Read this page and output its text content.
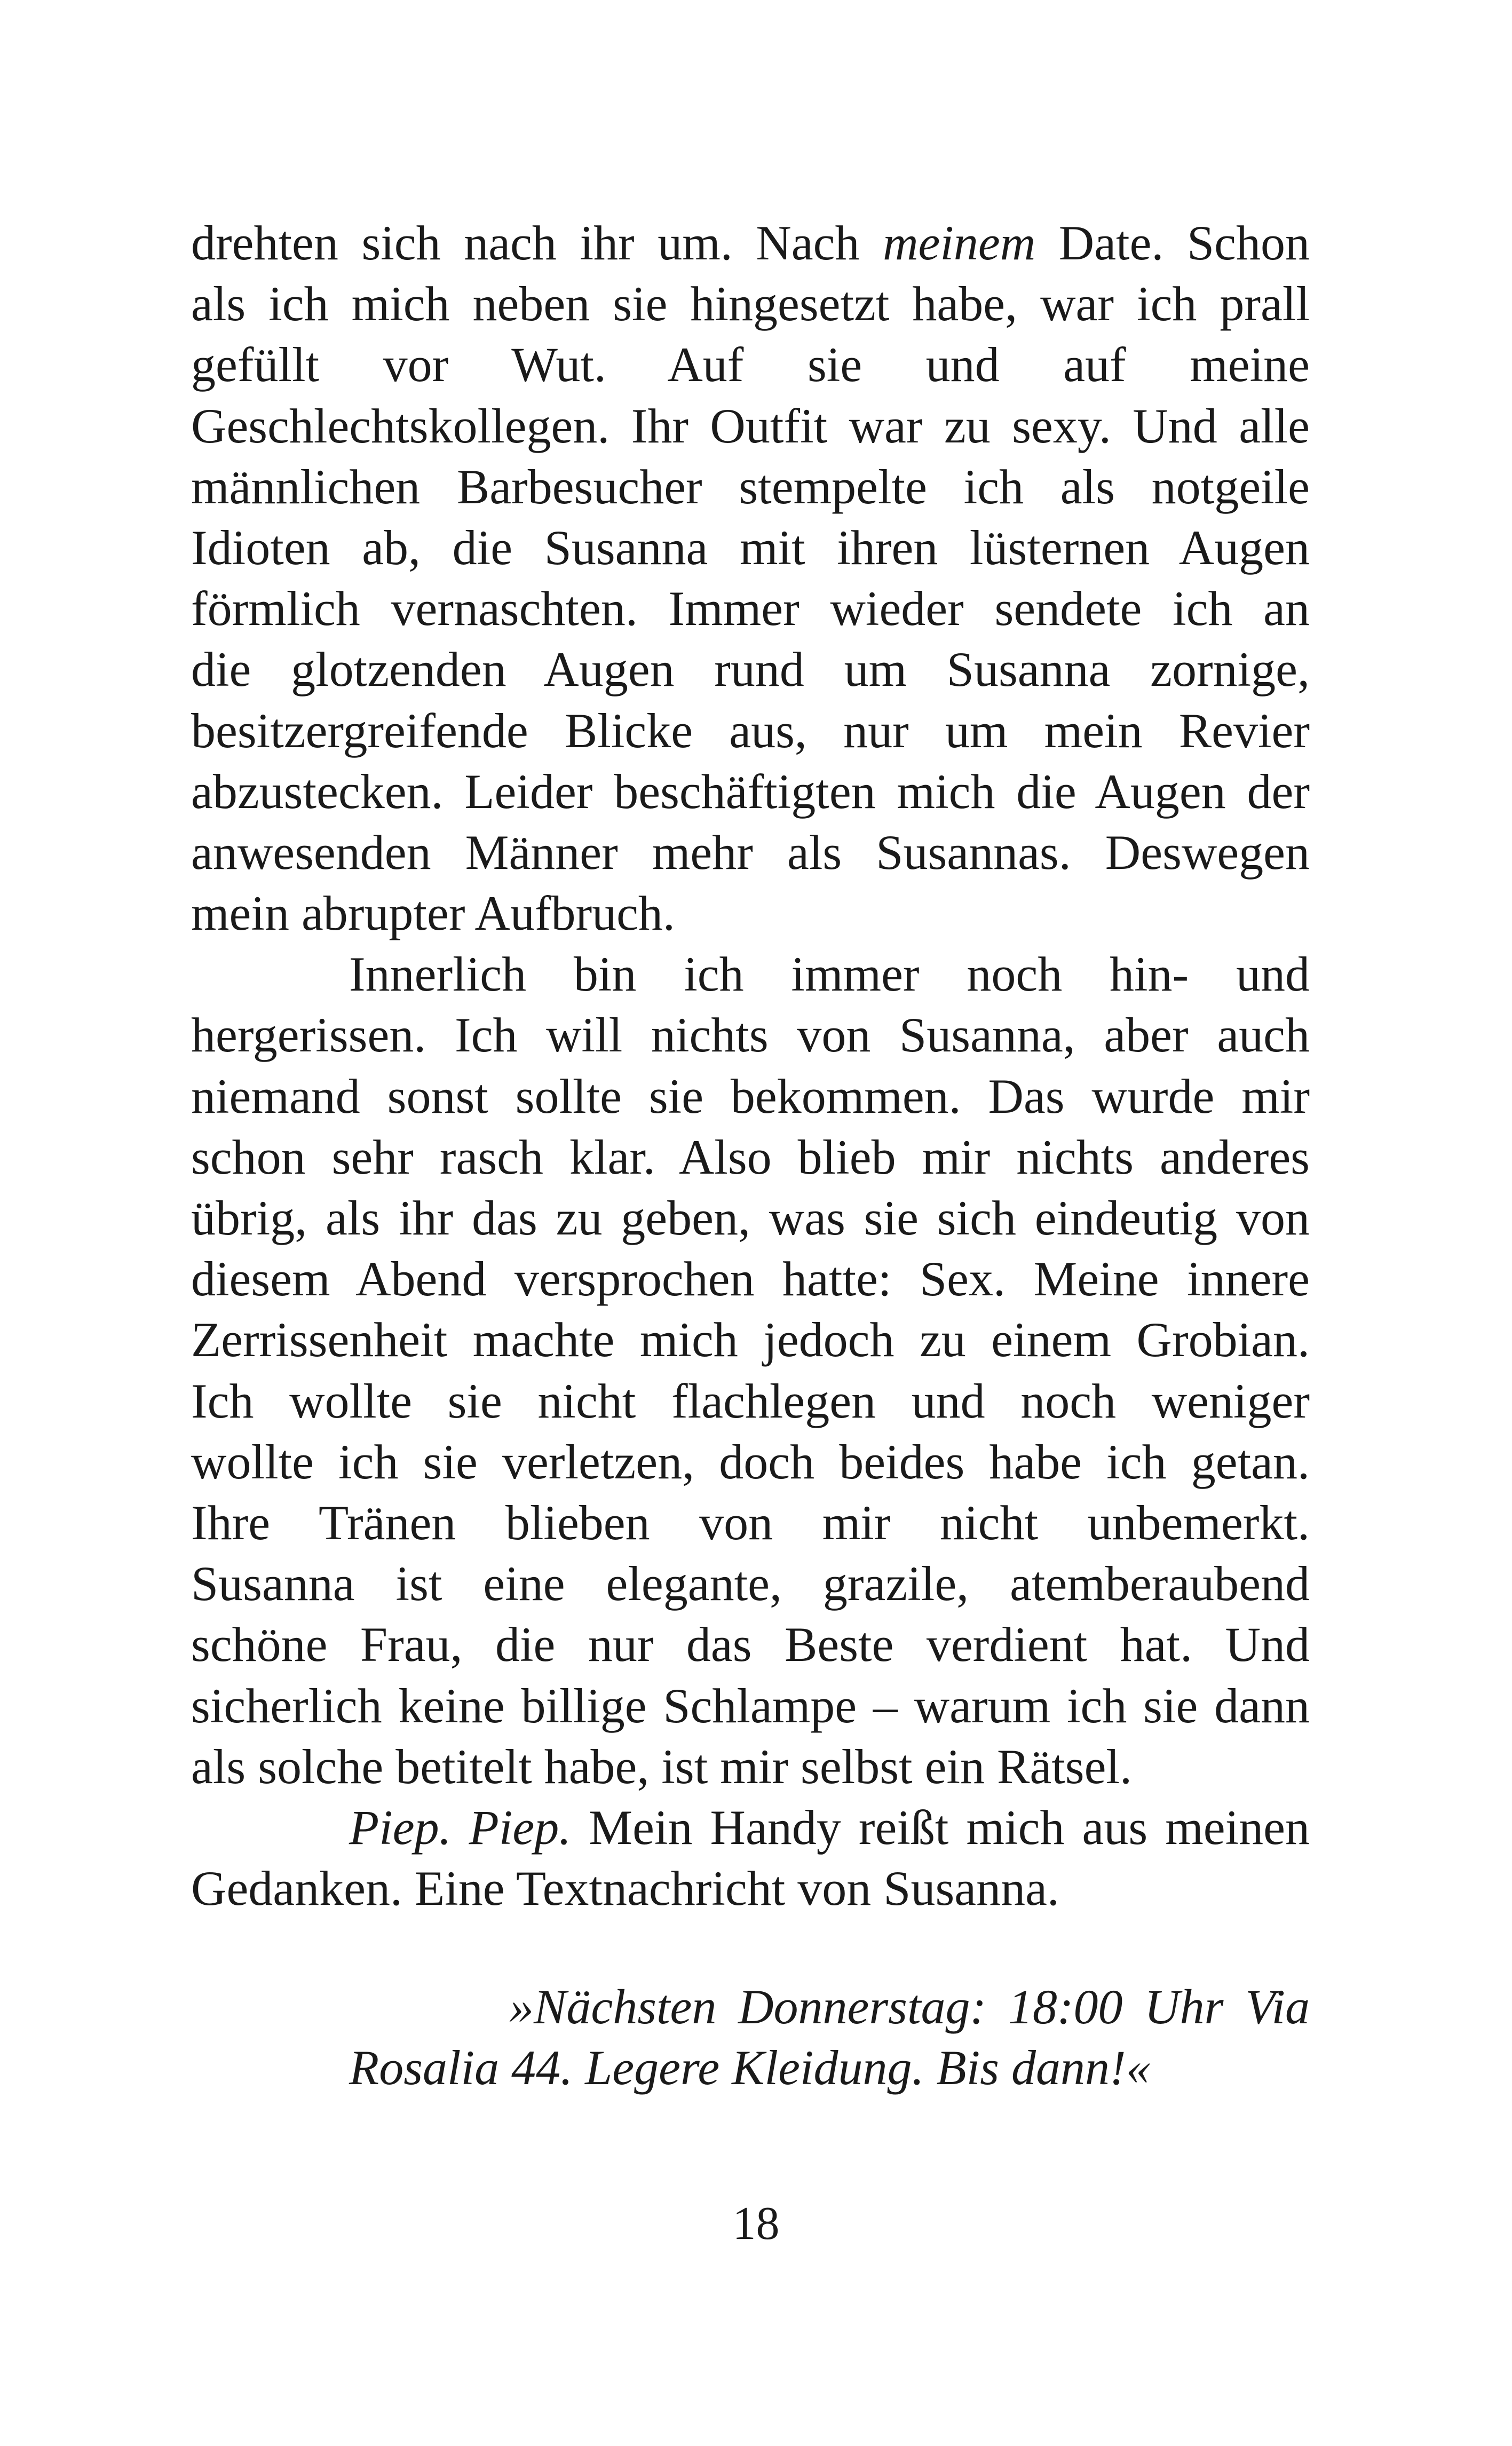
drehten sich nach ihr um. Nach meinem Date. Schon
als ich mich neben sie hingesetzt habe, war ich prall
gefüllt vor Wut. Auf sie und auf meine
Geschlechtskollegen. Ihr Outfit war zu sexy. Und alle
männlichen Barbesucher stempelte ich als notgeile
Idioten ab, die Susanna mit ihren lüsternen Augen
förmlich vernaschten. Immer wieder sendete ich an
die glotzenden Augen rund um Susanna zornige,
besitzergreifende Blicke aus, nur um mein Revier
abzustecken. Leider beschäftigten mich die Augen der
anwesenden Männer mehr als Susannas. Deswegen
mein abrupter Aufbruch.
Innerlich bin ich immer noch hin- und
hergerissen. Ich will nichts von Susanna, aber auch
niemand sonst sollte sie bekommen. Das wurde mir
schon sehr rasch klar. Also blieb mir nichts anderes
übrig, als ihr das zu geben, was sie sich eindeutig von
diesem Abend versprochen hatte: Sex. Meine innere
Zerrissenheit machte mich jedoch zu einem Grobian.
Ich wollte sie nicht flachlegen und noch weniger
wollte ich sie verletzen, doch beides habe ich getan.
Ihre Tränen blieben von mir nicht unbemerkt.
Susanna ist eine elegante, grazile, atemberaubend
schöne Frau, die nur das Beste verdient hat. Und
sicherlich keine billige Schlampe – warum ich sie dann
als solche betitelt habe, ist mir selbst ein Rätsel.
Piep. Piep. Mein Handy reißt mich aus meinen
Gedanken. Eine Textnachricht von Susanna.
»Nächsten Donnerstag: 18:00 Uhr Via
Rosalia 44. Legere Kleidung. Bis dann!«
18
